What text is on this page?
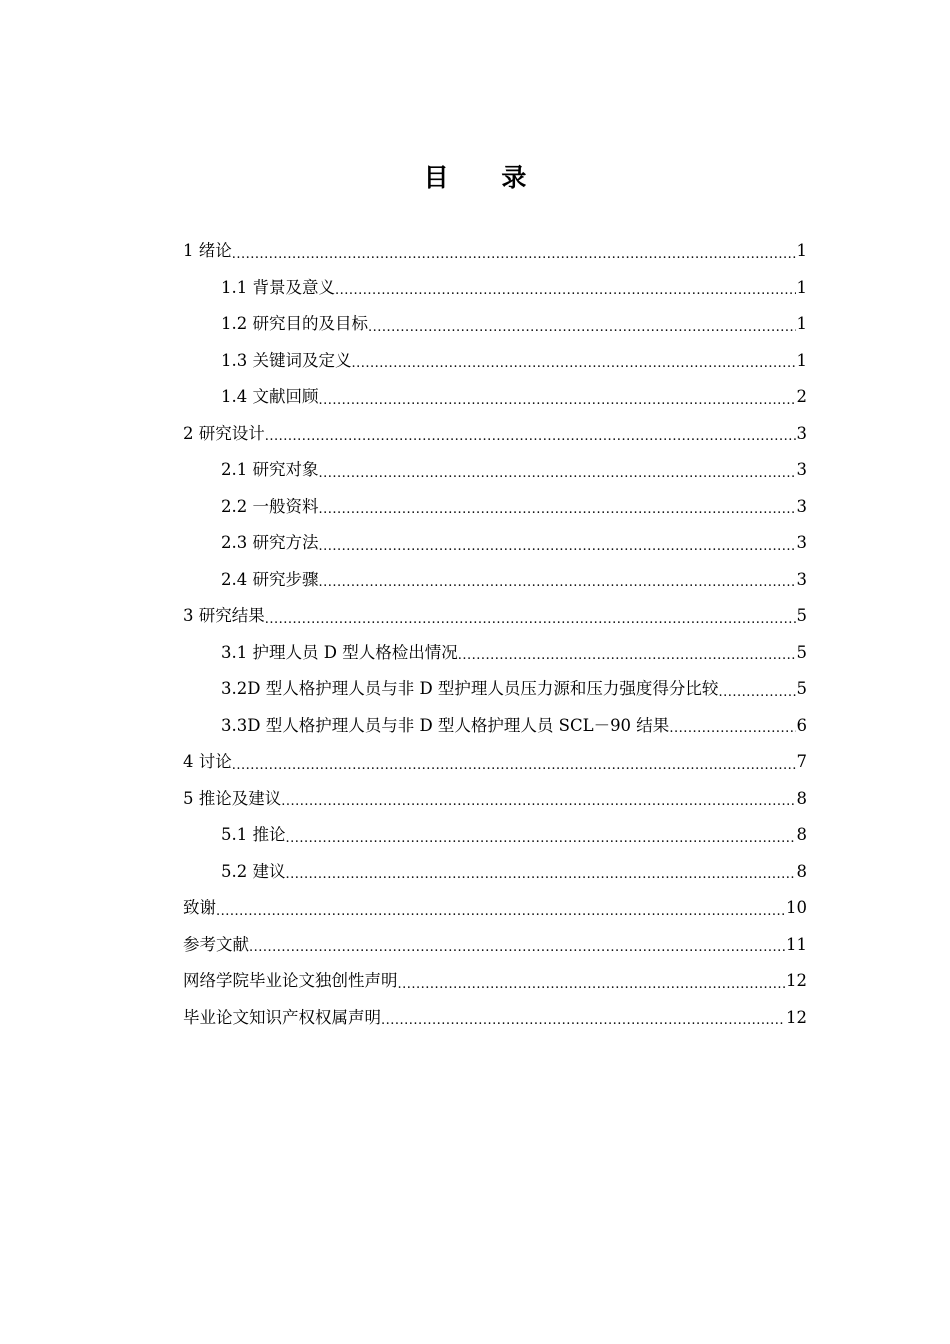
目 录
1 绪论 .....	1
1.1 背景及意义 .....	1
1.2 研究目的及目标 .....	1
1.3 关键词及定义 .....	1
1.4 文献回顾 .....	2
2 研究设计 .....	3
2.1 研究对象 .....	3
2.2 一般资料 .....	3
2.3 研究方法 .....	3
2.4 研究步骤 .....	3
3 研究结果 .....	5
3.1 护理人员 D 型人格检出情况 .....	5
3.2D 型人格护理人员与非 D 型护理人员压力源和压力强度得分比较 .....	5
3.3D 型人格护理人员与非 D 型人格护理人员 SCL－90 结果 .....	6
4 讨论 .....	7
5 推论及建议 .....	8
5.1 推论 .....	8
5.2 建议 .....	8
致谢 .....	10
参考文献 .....	11
网络学院毕业论文独创性声明 .....	12
毕业论文知识产权权属声明 .....	12
